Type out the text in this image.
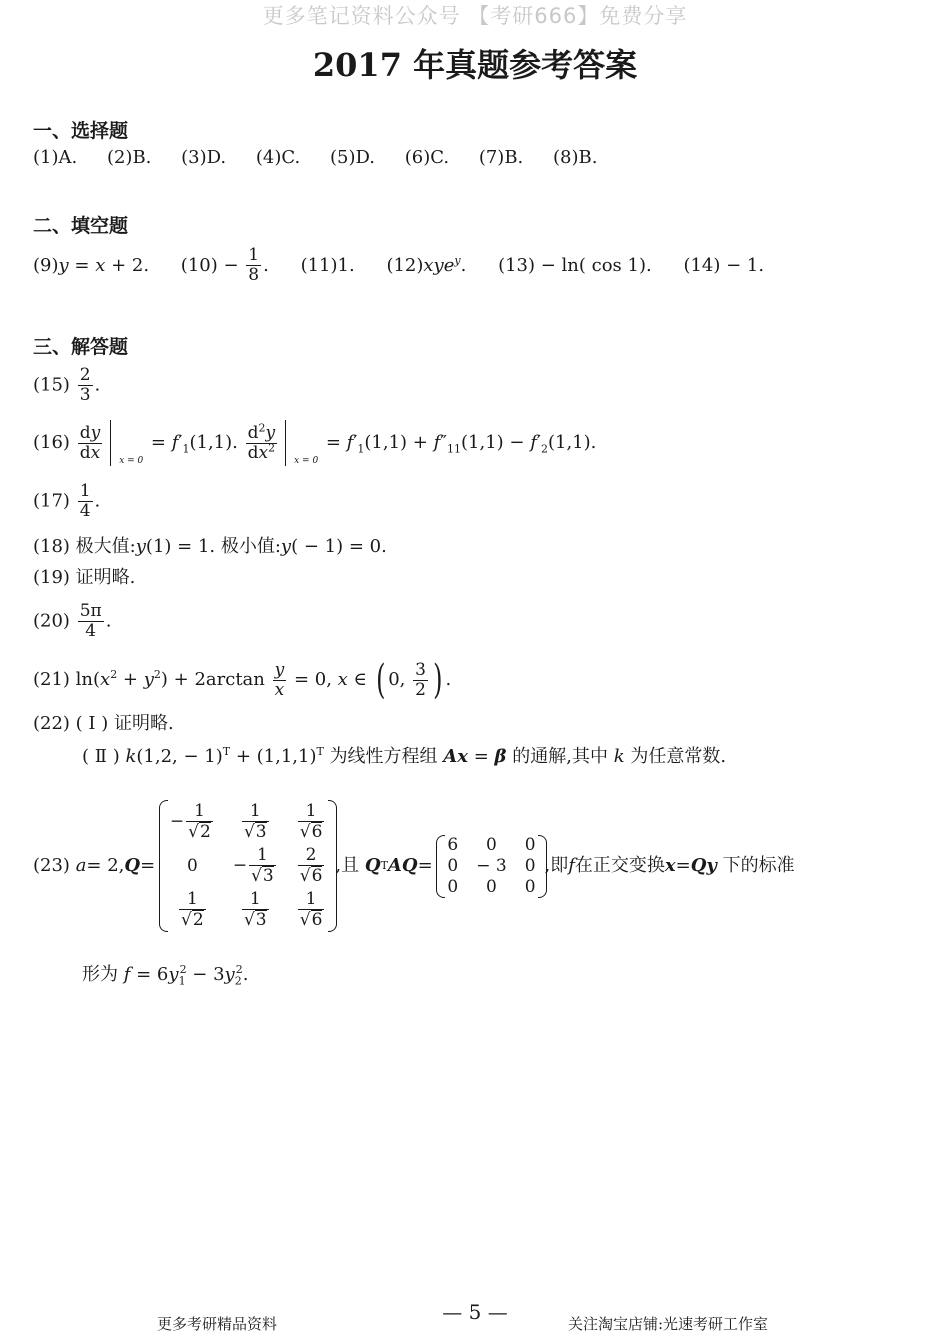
更多笔记资料公众号 【考研666】免费分享
2017 年真题参考答案
一、选择题
(1)A. (2)B. (3)D. (4)C. (5)D. (6)C. (7)B. (8)B.
二、填空题
(9)y = x + 2. $(10) - \frac{1}{8}$ . (11)1. (12)xye$^y$. (13) − ln( cos 1). (14) − 1.
三、解答题
$(15) \frac{2}{3}$ .
$(16) \frac{dy}{dx}$ x = 0
= $f'_1(1,1)$. $\frac{d^2y}{dx^2}$ x = 0
= $f'_1(1,1) + f''_{11}(1,1) - f'_2(1,1)$.
$(17) \frac{1}{4}$ .
(18) 极大值:y(1) = 1. 极小值:y( − 1) = 0.
(19) 证明略.
$(20) \frac{5\pi}{4}$ .
(21) $\ln(x^2 + y^2) + 2\arctan \frac{y}{x} = 0$, x ∈ ( 0, $\frac{3}{2}$ ) .
(22) ( Ⅰ ) 证明略.
( Ⅱ ) k(1,2, − $1)^T + (1,1,1)^T$ 为线性方程组 Ax = β 的通解,其中 k 为任意常数.
(23)
a = 2, Q =
− $\frac{1}{√2}$	$\frac{1}{√3}$	$\frac{1}{√6}$

0	− $\frac{1}{√3}$	$\frac{2}{√6}$

$\frac{1}{√2}$	$\frac{1}{√3}$	$\frac{1}{√6}$
,且
Q T AQ =
6	0	0
0	− 3	0
0	0	0
,即 f 在正交变换 x = Qy
下的标准
形为 $f = 6y_1^2 - 3y_2^2$.
更多考研精品资料	— 5 —	关注淘宝店铺:光速考研工作室
